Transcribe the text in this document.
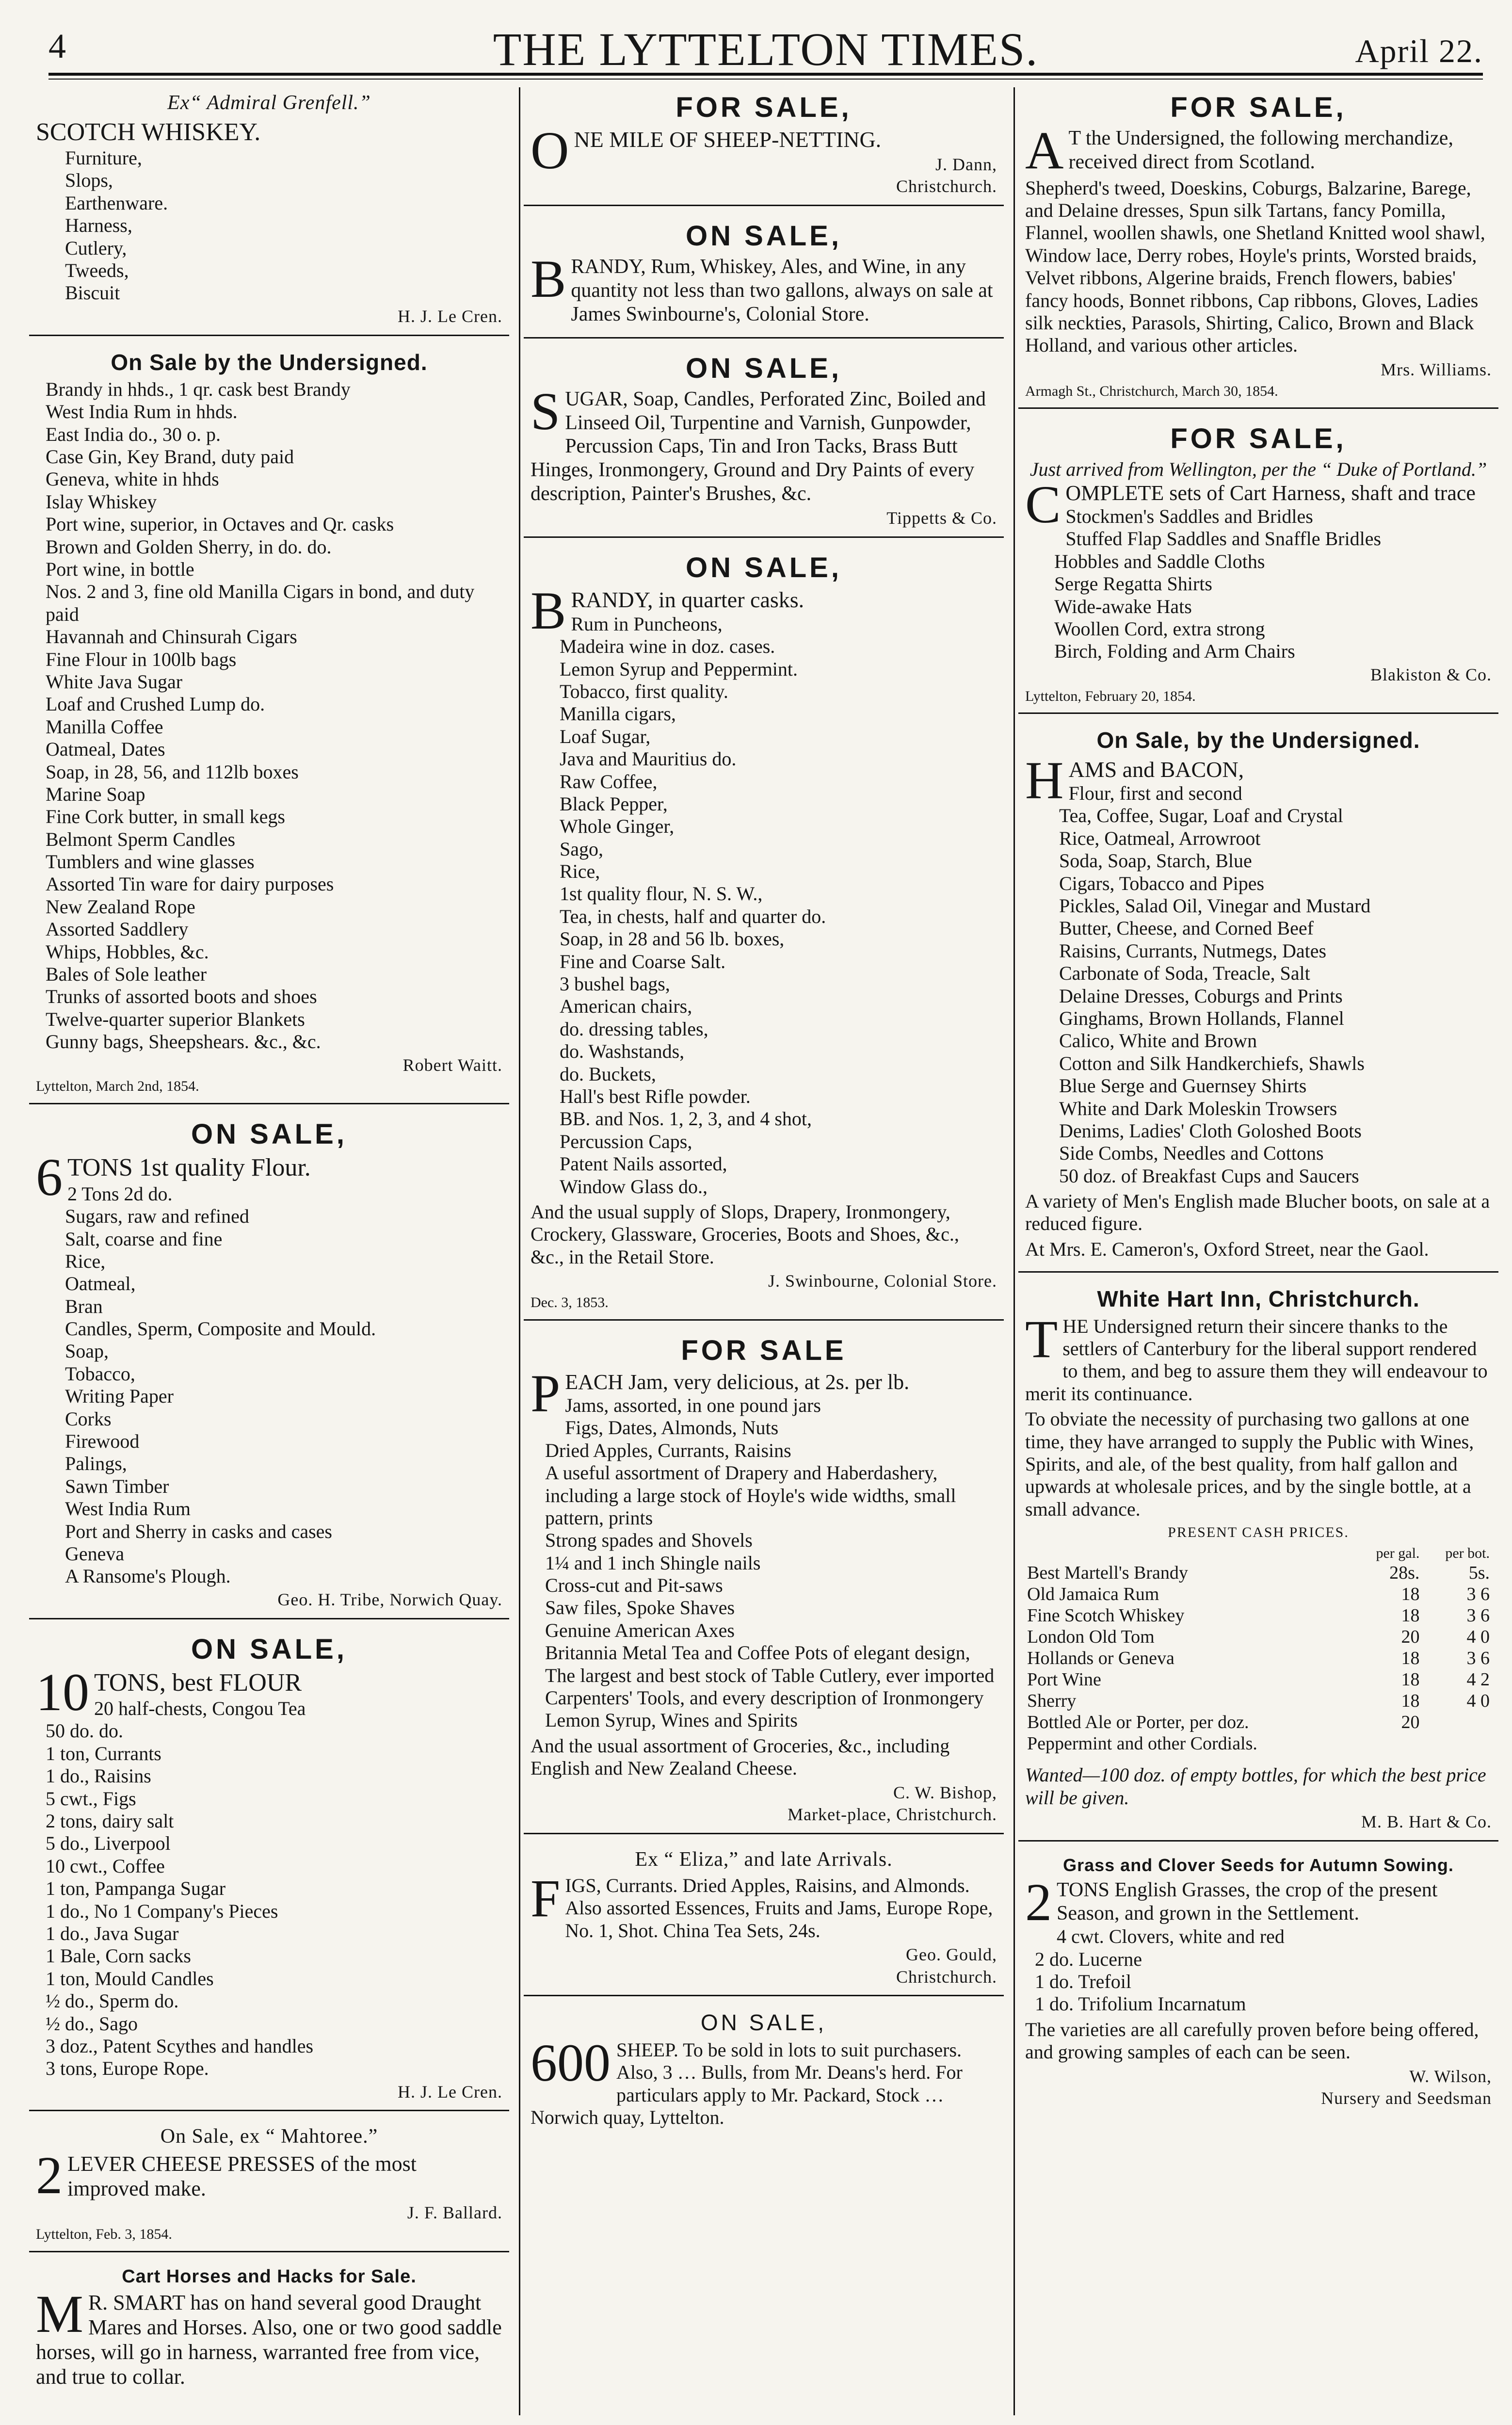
4	THE LYTTELTON TIMES.	April 22.
Ex“ Admiral Grenfell.”
SCOTCH WHISKEY.
Furniture,
Slops,
Earthenware.
Harness,
Cutlery,
Tweeds,
Biscuit
H. J. Le Cren.
On Sale by the Undersigned.
Brandy in hhds., 1 qr. cask best Brandy
West India Rum in hhds.
East India do., 30 o. p.
Case Gin, Key Brand, duty paid
Geneva, white in hhds
Islay Whiskey
Port wine, superior, in Octaves and Qr. casks
Brown and Golden Sherry, in do. do.
Port wine, in bottle
Nos. 2 and 3, fine old Manilla Cigars in bond, and duty paid
Havannah and Chinsurah Cigars
Fine Flour in 100lb bags
White Java Sugar
Loaf and Crushed Lump do.
Manilla Coffee
Oatmeal, Dates
Soap, in 28, 56, and 112lb boxes
Marine Soap
Fine Cork butter, in small kegs
Belmont Sperm Candles
Tumblers and wine glasses
Assorted Tin ware for dairy purposes
New Zealand Rope
Assorted Saddlery
Whips, Hobbles, &c.
Bales of Sole leather
Trunks of assorted boots and shoes
Twelve-quarter superior Blankets
Gunny bags, Sheepshears. &c., &c.
Robert Waitt.
Lyttelton, March 2nd, 1854.
ON SALE,
6 TONS 1st quality Flour.
2 Tons 2d do.
Sugars, raw and refined
Salt, coarse and fine
Rice,
Oatmeal,
Bran
Candles, Sperm, Composite and Mould.
Soap,
Tobacco,
Writing Paper
Corks
Firewood
Palings,
Sawn Timber
West India Rum
Port and Sherry in casks and cases
Geneva
A Ransome's Plough.
Geo. H. Tribe, Norwich Quay.
ON SALE,
10 TONS, best FLOUR
20 half-chests, Congou Tea
50 do. do.
1 ton, Currants
1 do., Raisins
5 cwt., Figs
2 tons, dairy salt
5 do., Liverpool
10 cwt., Coffee
1 ton, Pampanga Sugar
1 do., No 1 Company's Pieces
1 do., Java Sugar
1 Bale, Corn sacks
1 ton, Mould Candles
½ do., Sperm do.
½ do., Sago
3 doz., Patent Scythes and handles
3 tons, Europe Rope.
H. J. Le Cren.
On Sale, ex “ Mahtoree.”
2 LEVER CHEESE PRESSES of the most improved make.
J. F. Ballard.
Lyttelton, Feb. 3, 1854.
Cart Horses and Hacks for Sale.

M R. SMART has on hand several good Draught Mares and Horses. Also, one or two good saddle horses, will go in harness, warranted free from vice, and true to collar.

FOR SALE,
ONE MILE OF SHEEP-NETTING.
J. Dann,
Christchurch.
ON SALE,

BRANDY, Rum, Whiskey, Ales, and Wine, in any quantity not less than two gallons, always on sale at James Swinbourne's, Colonial Store.

ON SALE,

SUGAR, Soap, Candles, Perforated Zinc, Boiled and Linseed Oil, Turpentine and Varnish, Gunpowder, Percussion Caps, Tin and Iron Tacks, Brass Butt Hinges, Ironmongery, Ground and Dry Paints of every description, Painter's Brushes, &c.

Tippetts & Co.
ON SALE,
BRANDY, in quarter casks.
Rum in Puncheons,
Madeira wine in doz. cases.
Lemon Syrup and Peppermint.
Tobacco, first quality.
Manilla cigars,
Loaf Sugar,
Java and Mauritius do.
Raw Coffee,
Black Pepper,
Whole Ginger,
Sago,
Rice,
1st quality flour, N. S. W.,
Tea, in chests, half and quarter do.
Soap, in 28 and 56 lb. boxes,
Fine and Coarse Salt.
3 bushel bags,
American chairs,
do. dressing tables,
do. Washstands,
do. Buckets,
Hall's best Rifle powder.
BB. and Nos. 1, 2, 3, and 4 shot,
Percussion Caps,
Patent Nails assorted,
Window Glass do.,

And the usual supply of Slops, Drapery, Ironmongery, Crockery, Glassware, Groceries, Boots and Shoes, &c., &c., in the Retail Store.

J. Swinbourne, Colonial Store.
Dec. 3, 1853.
FOR SALE
PEACH Jam, very delicious, at 2s. per lb.
Jams, assorted, in one pound jars
Figs, Dates, Almonds, Nuts
Dried Apples, Currants, Raisins
A useful assortment of Drapery and Haberdashery, including a large stock of Hoyle's wide widths, small pattern, prints
Strong spades and Shovels
1¼ and 1 inch Shingle nails
Cross-cut and Pit-saws
Saw files, Spoke Shaves
Genuine American Axes
Britannia Metal Tea and Coffee Pots of elegant design,
The largest and best stock of Table Cutlery, ever imported
Carpenters' Tools, and every description of Ironmongery
Lemon Syrup, Wines and Spirits

And the usual assortment of Groceries, &c., including English and New Zealand Cheese.

C. W. Bishop,
Market-place, Christchurch.
Ex “ Eliza,” and late Arrivals.

FIGS, Currants. Dried Apples, Raisins, and Almonds. Also assorted Essences, Fruits and Jams, Europe Rope, No. 1, Shot. China Tea Sets, 24s.

Geo. Gould,
Christchurch.
ON SALE,

600 SHEEP. To be sold in lots to suit purchasers. Also, 3 … Bulls, from Mr. Deans's herd. For particulars apply to Mr. Packard, Stock … Norwich quay, Lyttelton.

FOR SALE,

A T the Undersigned, the following merchandize, received direct from Scotland.

Shepherd's tweed, Doeskins, Coburgs, Balzarine, Barege, and Delaine dresses, Spun silk Tartans, fancy Pomilla, Flannel, woollen shawls, one Shetland Knitted wool shawl, Window lace, Derry robes, Hoyle's prints, Worsted braids, Velvet ribbons, Algerine braids, French flowers, babies' fancy hoods, Bonnet ribbons, Cap ribbons, Gloves, Ladies silk neckties, Parasols, Shirting, Calico, Brown and Black Holland, and various other articles.

Mrs. Williams.
Armagh St., Christchurch, March 30, 1854.
FOR SALE,
Just arrived from Wellington, per the “ Duke of Portland.”
COMPLETE sets of Cart Harness, shaft and trace
Stockmen's Saddles and Bridles
Stuffed Flap Saddles and Snaffle Bridles
Hobbles and Saddle Cloths
Serge Regatta Shirts
Wide-awake Hats
Woollen Cord, extra strong
Birch, Folding and Arm Chairs
Blakiston & Co.
Lyttelton, February 20, 1854.
On Sale, by the Undersigned.
HAMS and BACON,
Flour, first and second
Tea, Coffee, Sugar, Loaf and Crystal
Rice, Oatmeal, Arrowroot
Soda, Soap, Starch, Blue
Cigars, Tobacco and Pipes
Pickles, Salad Oil, Vinegar and Mustard
Butter, Cheese, and Corned Beef
Raisins, Currants, Nutmegs, Dates
Carbonate of Soda, Treacle, Salt
Delaine Dresses, Coburgs and Prints
Ginghams, Brown Hollands, Flannel
Calico, White and Brown
Cotton and Silk Handkerchiefs, Shawls
Blue Serge and Guernsey Shirts
White and Dark Moleskin Trowsers
Denims, Ladies' Cloth Goloshed Boots
Side Combs, Needles and Cottons
50 doz. of Breakfast Cups and Saucers

A variety of Men's English made Blucher boots, on sale at a reduced figure.

At Mrs. E. Cameron's, Oxford Street, near the Gaol.

White Hart Inn, Christchurch.

THE Undersigned return their sincere thanks to the settlers of Canterbury for the liberal support rendered to them, and beg to assure them they will endeavour to merit its continuance.

To obviate the necessity of purchasing two gallons at one time, they have arranged to supply the Public with Wines, Spirits, and ale, of the best quality, from half gallon and upwards at wholesale prices, and by the single bottle, at a small advance.

PRESENT CASH PRICES.
	per gal.	per bot.
Best Martell's Brandy	28s.	5s.
Old Jamaica Rum	18	3 6
Fine Scotch Whiskey	18	3 6
London Old Tom	20	4 0
Hollands or Geneva	18	3 6
Port Wine	18	4 2
Sherry	18	4 0
Bottled Ale or Porter, per doz.	20	
Peppermint and other Cordials.		

Wanted—100 doz. of empty bottles, for which the best price will be given.

M. B. Hart & Co.
Grass and Clover Seeds for Autumn Sowing.
2 TONS English Grasses, the crop of the present Season, and grown in the Settlement.
4 cwt. Clovers, white and red
2 do. Lucerne
1 do. Trefoil
1 do. Trifolium Incarnatum

The varieties are all carefully proven before being offered, and growing samples of each can be seen.

W. Wilson,
Nursery and Seedsman
